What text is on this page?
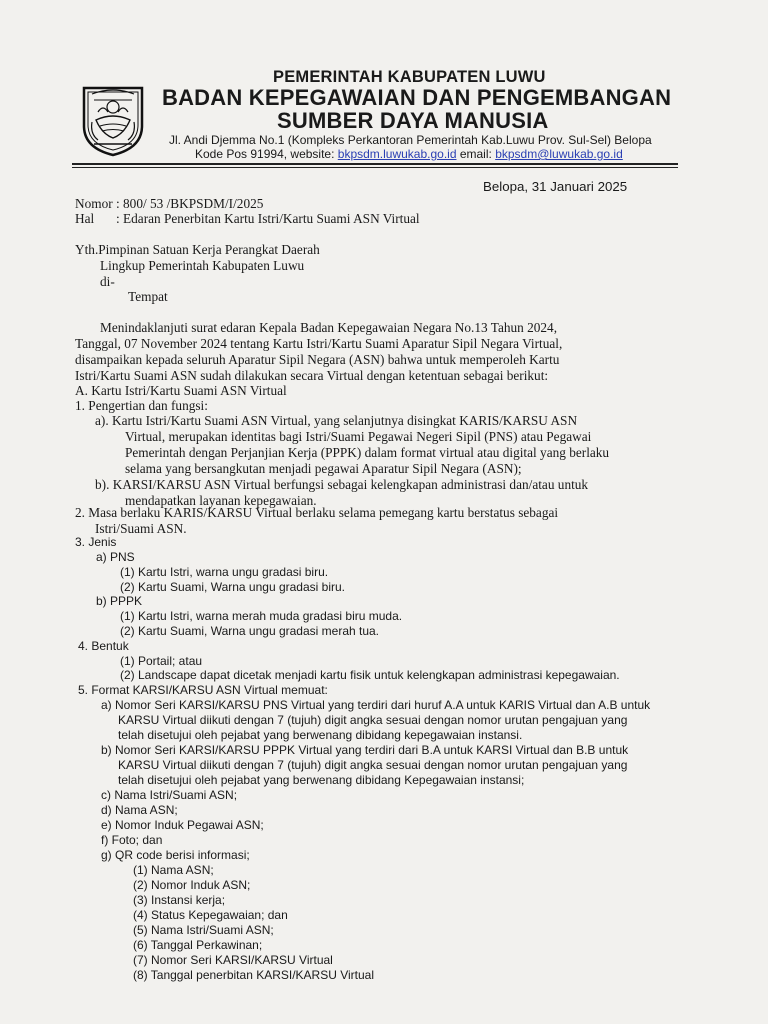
PEMERINTAH KABUPATEN LUWU
BADAN KEPEGAWAIAN DAN PENGEMBANGAN
SUMBER DAYA MANUSIA
Jl. Andi Djemma No.1 (Kompleks Perkantoran Pemerintah Kab.Luwu Prov. Sul-Sel) Belopa
Kode Pos 91994, website: bkpsdm.luwukab.go.id email: bkpsdm@luwukab.go.id
Belopa, 31 Januari 2025
Nomor : 800/ 53 /BKPSDM/I/2025
Hal : Edaran Penerbitan Kartu Istri/Kartu Suami ASN Virtual
Yth.Pimpinan Satuan Kerja Perangkat Daerah
Lingkup Pemerintah Kabupaten Luwu
di-
Tempat
Menindaklanjuti surat edaran Kepala Badan Kepegawaian Negara No.13 Tahun 2024,
Tanggal, 07 November 2024 tentang Kartu Istri/Kartu Suami Aparatur Sipil Negara Virtual,
disampaikan kepada seluruh Aparatur Sipil Negara (ASN) bahwa untuk memperoleh Kartu
Istri/Kartu Suami ASN sudah dilakukan secara Virtual dengan ketentuan sebagai berikut:
A. Kartu Istri/Kartu Suami ASN Virtual
1. Pengertian dan fungsi:
a). Kartu Istri/Kartu Suami ASN Virtual, yang selanjutnya disingkat KARIS/KARSU ASN
Virtual, merupakan identitas bagi Istri/Suami Pegawai Negeri Sipil (PNS) atau Pegawai
Pemerintah dengan Perjanjian Kerja (PPPK) dalam format virtual atau digital yang berlaku
selama yang bersangkutan menjadi pegawai Aparatur Sipil Negara (ASN);
b). KARSI/KARSU ASN Virtual berfungsi sebagai kelengkapan administrasi dan/atau untuk
mendapatkan layanan kepegawaian.
2. Masa berlaku KARIS/KARSU Virtual berlaku selama pemegang kartu berstatus sebagai
Istri/Suami ASN.
3. Jenis
a) PNS
(1) Kartu Istri, warna ungu gradasi biru.
(2) Kartu Suami, Warna ungu gradasi biru.
b) PPPK
(1) Kartu Istri, warna merah muda gradasi biru muda.
(2) Kartu Suami, Warna ungu gradasi merah tua.
4. Bentuk
(1) Portail; atau
(2) Landscape dapat dicetak menjadi kartu fisik untuk kelengkapan administrasi kepegawaian.
5. Format KARSI/KARSU ASN Virtual memuat:
a) Nomor Seri KARSI/KARSU PNS Virtual yang terdiri dari huruf A.A untuk KARIS Virtual dan A.B untuk
KARSU Virtual diikuti dengan 7 (tujuh) digit angka sesuai dengan nomor urutan pengajuan yang
telah disetujui oleh pejabat yang berwenang dibidang kepegawaian instansi.
b) Nomor Seri KARSI/KARSU PPPK Virtual yang terdiri dari B.A untuk KARSI Virtual dan B.B untuk
KARSU Virtual diikuti dengan 7 (tujuh) digit angka sesuai dengan nomor urutan pengajuan yang
telah disetujui oleh pejabat yang berwenang dibidang Kepegawaian instansi;
c) Nama Istri/Suami ASN;
d) Nama ASN;
e) Nomor Induk Pegawai ASN;
f) Foto; dan
g) QR code berisi informasi;
(1) Nama ASN;
(2) Nomor Induk ASN;
(3) Instansi kerja;
(4) Status Kepegawaian; dan
(5) Nama Istri/Suami ASN;
(6) Tanggal Perkawinan;
(7) Nomor Seri KARSI/KARSU Virtual
(8) Tanggal penerbitan KARSI/KARSU Virtual
